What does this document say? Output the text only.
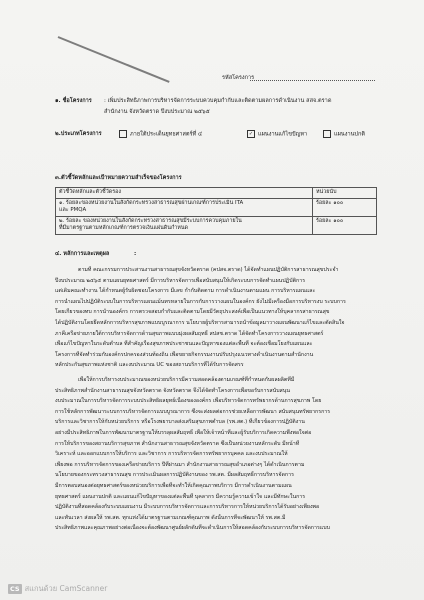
รหัสโครงการ
๑. ชื่อโครงการ : เพิ่มประสิทธิภาพการบริหารจัดการระบบควบคุมกำกับและติดตามผลการดำเนินงาน สสจ.ตราด
สำนักงาน จังหวัดตราด ปีงบประมาณ ๒๕๖๕
๒.ประเภทโครงการ	ภายใต้ประเด็นยุทธศาสตร์ที่ ๔	✓ แผนงานแก้ไขปัญหา	แผนงานปกติ
๓.ตัวชี้วัดหลักและเป้าหมายความสำเร็จของโครงการ
ตัวชี้วัดหลักและตัวชี้วัดรอง	หน่วยนับ

๑. ร้อยละของหน่วยงานในสังกัดกระทรวงสาธารณสุขผ่านเกณฑ์การประเมิน ITA
และ PMQA	ร้อยละ ๑๐๐

๒. ร้อยละ ของหน่วยงานในสังกัดกระทรวงสาธารณสุขมีระบบการควบคุมภายใน
ที่มีมาตรฐานตามหลักเกณฑ์การตรวจเงินแผ่นดินกำหนด	ร้อยละ ๑๐๐
๔. หลักการและเหตุผล	:
ตามที่ คณะกรรมการประสานงานสาธารณสุขจังหวัดตราด (คปสจ.ตราด) ได้จัดทำแผนปฏิบัติการสาธารณสุขประจำ
ปีงบประมาณ ๒๕๖๕ ตามแผนยุทธศาสตร์ มีการบริหารจัดการเพื่อสนับสนุนให้เกิดระบบการจัดทำแผนปฏิบัติการ
แต่เดิมคณะทำงาน ได้กำหนดผู้รับผิดชอบโครงการ มีเลข กำกับติดตาม การดำเนินงานตามแผน การบริหารแผนและ
การนำแผนไปปฏิบัติระบบในการบริหารแผนแม้นทรหลายในการกับการวางแผนในองค์กร ยังไม่มีเครื่องมือการบริหารงบ ระบบการ
โดยเกี่ยวของทบ การนำนองค์กร การตรวจสอบกำกับและติดตามโดยมีวัตถุประสงค์เพื่อเป็นแนวทางให้บุคลากรสาธารณสุข
ได้ปฏิบัติงานโดยยึดหลักการบริหารสุขภาพแบบบูรณาการ นโยบายผู้บริหารสามารถนำข้อมูลมาวางแผนพัฒนาแก้ไขและตัดสินใจ
ภาคีเครือข่ายภายใต้การบริหารจัดการด้านสุขภาพแบบมุ่งผลสัมฤทธิ์ สปสช.ตราด ได้จัดทำโครงการวางแผนยุทธศาสตร์
เพื่อแก้ไขปัญหาในระดับตำบล ที่สำคัญเรื่องสุขภาพประชาชนและปัญหาของแต่ละพื้นที่ จะต้องเชื่อมโยงกับแผนและ
โครงการที่จัดทำร่วมกับองค์กรปกครองส่วนท้องถิ่น เพื่อขยายกิจกรรมงานปรับปรุงแนวทางดำเนินงานตามสำนักงาน
หลักประกันสุขภาพแห่งชาติ และงบประมาณ UC ของสถานบริการที่ได้รับการจัดสรร
เพื่อให้การบริหารงบประมาณของหน่วยบริการมีความสอดคล้องตามเกณฑ์ที่กำหนดกับผลผลิตที่มี
ประสิทธิภาพสำนักงานสาธารณสุขจังหวัดตราด จังหวัดตราด จึงได้จัดทำโครงการเพื่อขอรับการสนับสนุน
งบประมาณในการบริหารจัดการระบบประสิทธิผลยุทธ์เนื่องขององค์กร เพื่อบริหารจัดการทรัพยากรด้านการสุขภาพ โดย
การใช้หลักการพัฒนาระบบการบริหารจัดการแบบบูรณาการ ซึ่งจะส่งผลต่อการช่วยเหลือการพัฒนา สนับสนุนทรัพยากรการ
บริการและวิชาการให้กับหน่วยบริการ หรือโรงพยาบาลส่งเสริมสุขภาพตำบล (รพ.สต.) ที่เกี่ยวข้องการปฏิบัติงาน
อย่างมีประสิทธิภาพในการพัฒนามาตรฐานให้บรรลุผลสัมฤทธิ์ เพื่อให้เจ้าหน้าที่และผู้รับบริการเกิดความพึงพอใจต่อ
การให้บริการของสถานบริการสุขภาพ สำนักงานสาธารณสุขจังหวัดตราด ซึ่งเป็นหน่วยงานหลักระดับ มีหน้าที่
วิเคราะห์ และออกแบบการให้บริการ และวิชาการ การบริหารจัดการทรัพยากรบุคคล และงบประมาณให้
เพียงพอ การบริหารจัดการของเครือข่ายบริการ ปีที่ผ่านมา สำนักงานสาธารณสุขอำเภอต่างๆ ได้ดำเนินการตาม
นโยบายของกระทรวงสาธารณสุข การประเมินผลการปฏิบัติงานของ รพ.สต. มีผลสัมฤทธิ์การบริหารจัดการ
มีการตอบสนองต่อยุทธศาสตร์ของหน่วยบริการเพื่อที่จะทำให้เกิดคุณภาพบริการ มีการดำเนินงานตามแผน
ยุทธศาสตร์ แผนงานปกติ และแผนแก้ไขปัญหาของแต่ละพื้นที่ บุคลากร มีความรู้ความเข้าใจ และมีทักษะในการ
ปฏิบัติงานที่สอดคล้องกับระบบแผนงาน มีระบบการบริหารจัดการและการบริหารการให้หน่วยบริการได้รับอย่างเพียงพอ
และทันเวลา ส่งผลให้ รพ.สต. ทุกแห่งได้มาตรฐานตามเกณฑ์คุณภาพ ดังนั้นการที่จะพัฒนาให้ รพ.สต.มี
ประสิทธิภาพและคุณภาพอย่างต่อเนื่องจะต้องพัฒนาศูนย์ผลักดันที่จะดำเนินการให้สอดคล้องกับระบบการบริหารจัดการแบบ
CS สแกนด้วย CamScanner
